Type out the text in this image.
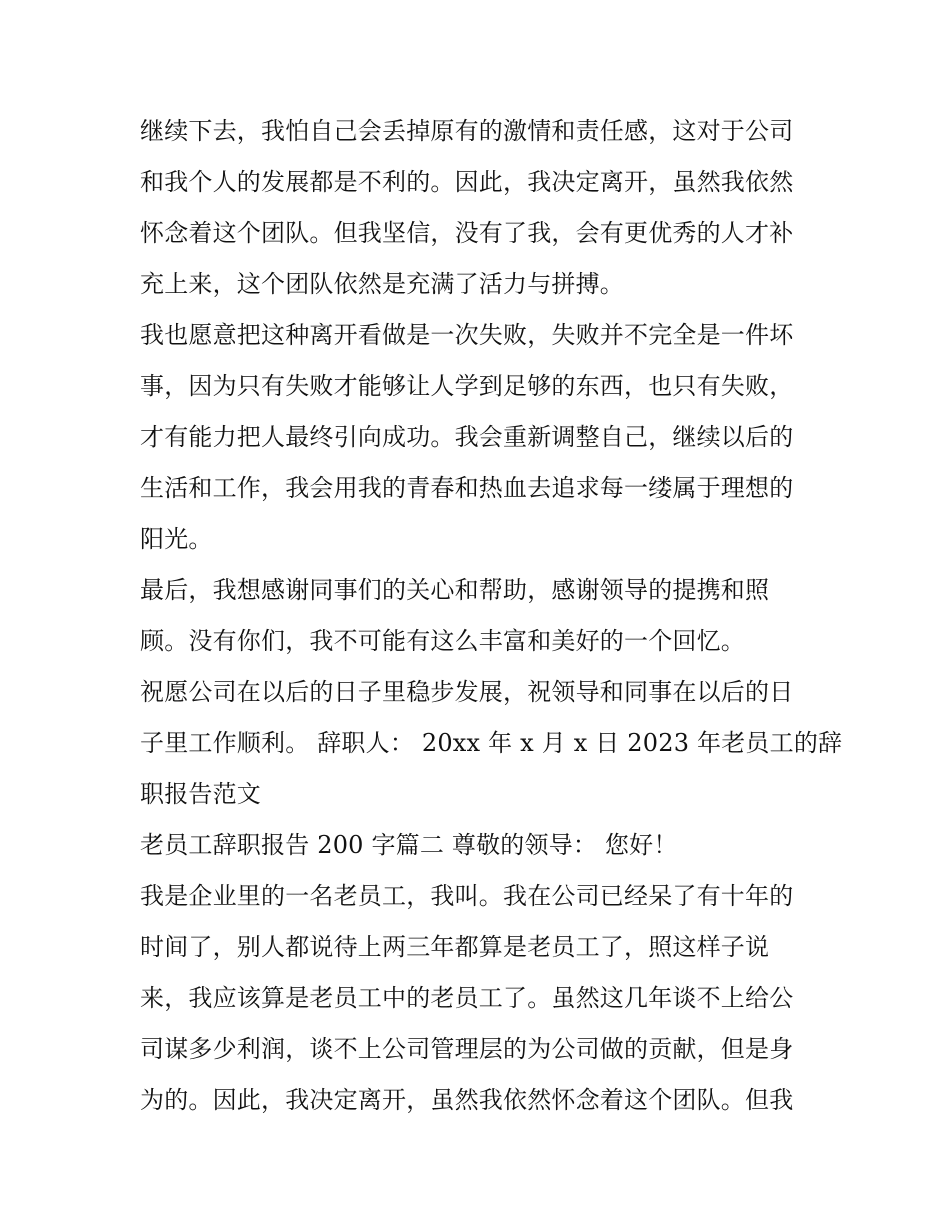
继续下去，我怕自己会丢掉原有的激情和责任感，这对于公司
和我个人的发展都是不利的。因此，我决定离开，虽然我依然
怀念着这个团队。但我坚信，没有了我，会有更优秀的人才补
充上来，这个团队依然是充满了活力与拼搏。
我也愿意把这种离开看做是一次失败，失败并不完全是一件坏
事，因为只有失败才能够让人学到足够的东西，也只有失败，
才有能力把人最终引向成功。我会重新调整自己，继续以后的
生活和工作，我会用我的青春和热血去追求每一缕属于理想的
阳光。
最后，我想感谢同事们的关心和帮助，感谢领导的提携和照
顾。没有你们，我不可能有这么丰富和美好的一个回忆。
祝愿公司在以后的日子里稳步发展，祝领导和同事在以后的日
子里工作顺利。 辞职人： 20xx 年 x 月 x 日 2023 年老员工的辞
职报告范文
老员工辞职报告 200 字篇二 尊敬的领导： 您好！
我是企业里的一名老员工，我叫。我在公司已经呆了有十年的
时间了，别人都说待上两三年都算是老员工了，照这样子说
来，我应该算是老员工中的老员工了。虽然这几年谈不上给公
司谋多少利润，谈不上公司管理层的为公司做的贡献，但是身
为的。因此，我决定离开，虽然我依然怀念着这个团队。但我
